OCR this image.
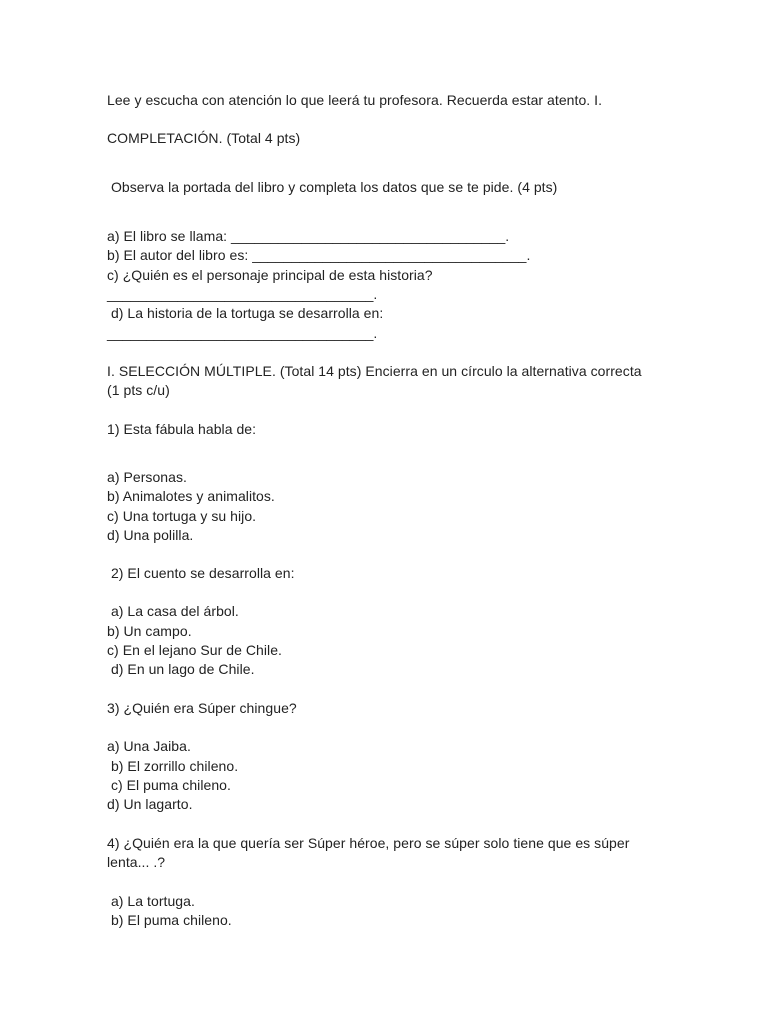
Lee y escucha con atención lo que leerá tu profesora. Recuerda estar atento. I.
COMPLETACIÓN. (Total 4 pts)
Observa la portada del libro y completa los datos que se te pide. (4 pts)
a) El libro se llama: ___________________________________.
b) El autor del libro es: ___________________________________.
c) ¿Quién es el personaje principal de esta historia?
__________________________________.
d) La historia de la tortuga se desarrolla en:
__________________________________.
I. SELECCIÓN MÚLTIPLE. (Total 14 pts) Encierra en un círculo la alternativa correcta (1 pts c/u)
1) Esta fábula habla de:
a) Personas.
b) Animalotes y animalitos.
c) Una tortuga y su hijo.
d) Una polilla.
2) El cuento se desarrolla en:
a) La casa del árbol.
b) Un campo.
c) En el lejano Sur de Chile.
d) En un lago de Chile.
3) ¿Quién era Súper chingue?
a) Una Jaiba.
b) El zorrillo chileno.
c) El puma chileno.
d) Un lagarto.
4) ¿Quién era la que quería ser Súper héroe, pero se súper solo tiene que es súper lenta... .?
a) La tortuga.
b) El puma chileno.
